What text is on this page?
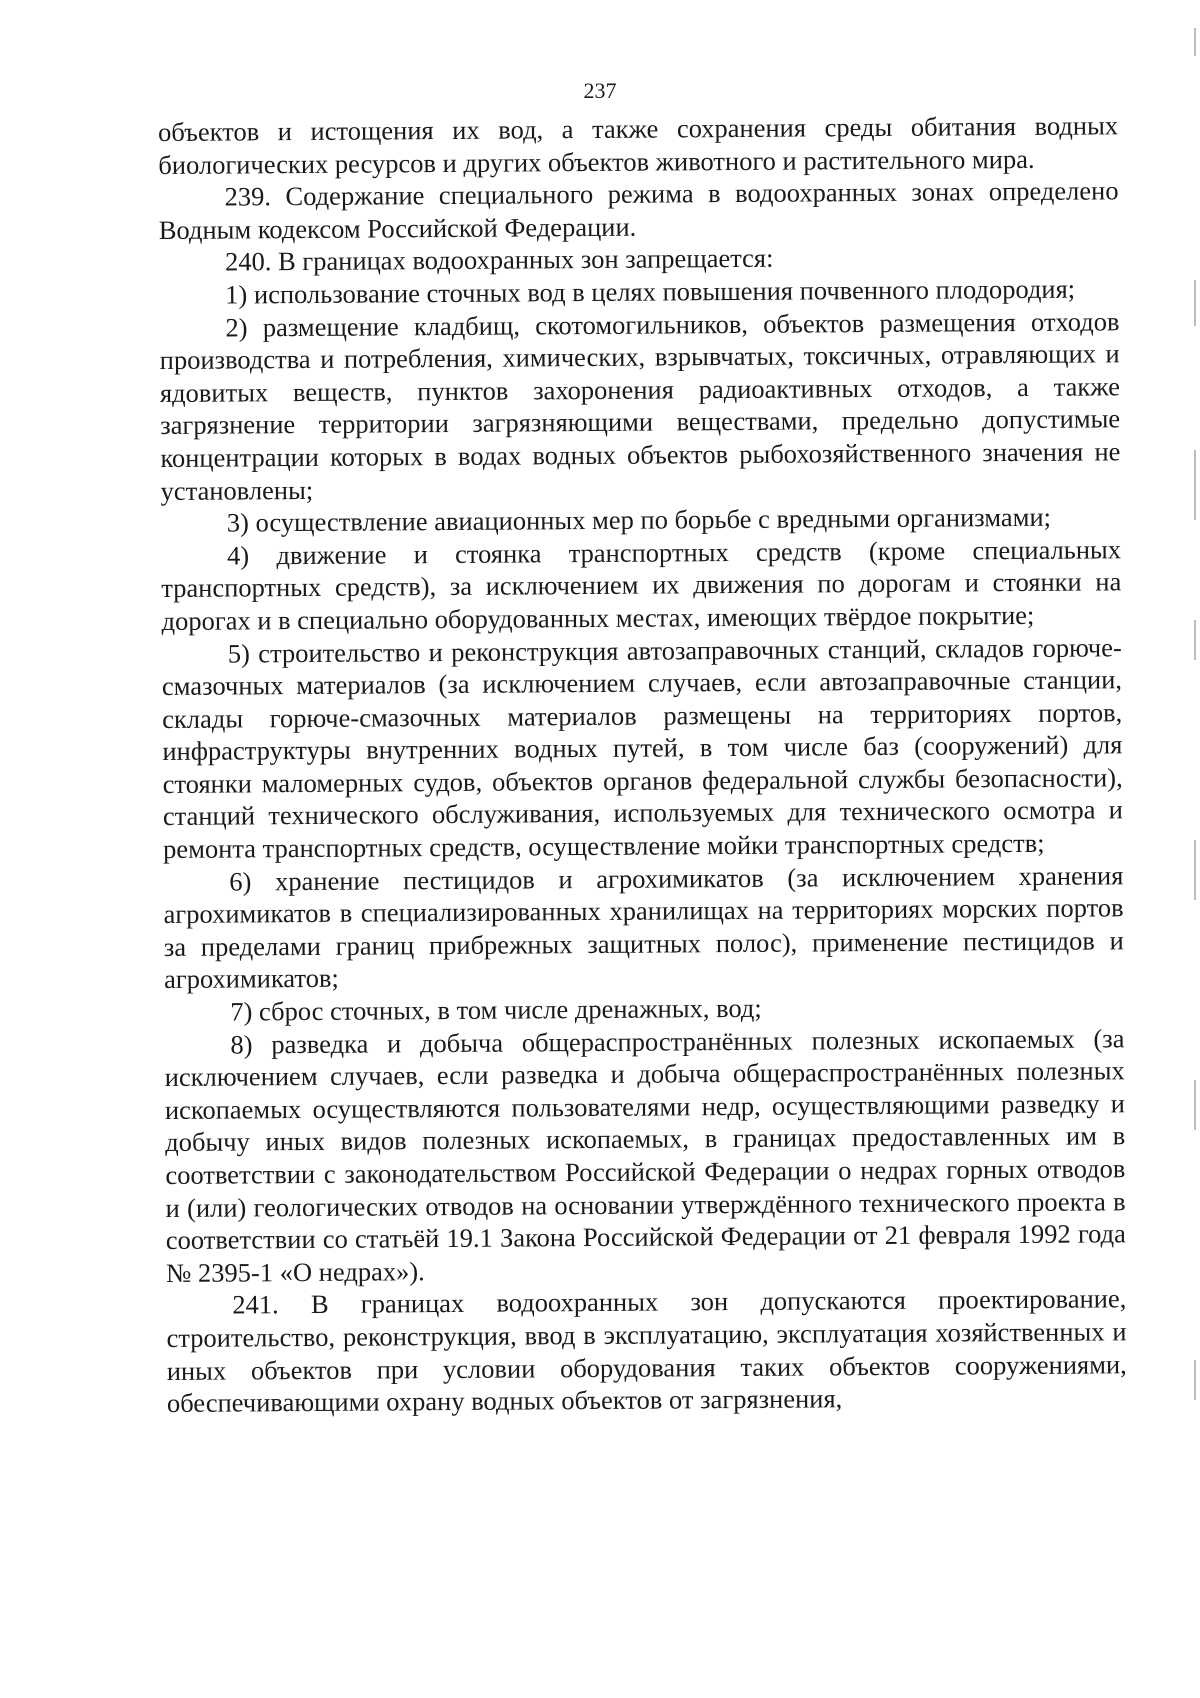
237

объектов и истощения их вод, а также сохранения среды обитания водных биологических ресурсов и других объектов животного и растительного мира.

239. Содержание специального режима в водоохранных зонах определено Водным кодексом Российской Федерации.

240. В границах водоохранных зон запрещается:

1) использование сточных вод в целях повышения почвенного плодородия;

2) размещение кладбищ, скотомогильников, объектов размещения отходов производства и потребления, химических, взрывчатых, токсичных, отравляющих и ядовитых веществ, пунктов захоронения радиоактивных отходов, а также загрязнение территории загрязняющими веществами, предельно допустимые концентрации которых в водах водных объектов рыбохозяйственного значения не установлены;

3) осуществление авиационных мер по борьбе с вредными организмами;

4) движение и стоянка транспортных средств (кроме специальных транспортных средств), за исключением их движения по дорогам и стоянки на дорогах и в специально оборудованных местах, имеющих твёрдое покрытие;

5) строительство и реконструкция автозаправочных станций, складов горюче-смазочных материалов (за исключением случаев, если автозаправочные станции, склады горюче-смазочных материалов размещены на территориях портов, инфраструктуры внутренних водных путей, в том числе баз (сооружений) для стоянки маломерных судов, объектов органов федеральной службы безопасности), станций технического обслуживания, используемых для технического осмотра и ремонта транспортных средств, осуществление мойки транспортных средств;

6) хранение пестицидов и агрохимикатов (за исключением хранения агрохимикатов в специализированных хранилищах на территориях морских портов за пределами границ прибрежных защитных полос), применение пестицидов и агрохимикатов;

7) сброс сточных, в том числе дренажных, вод;

8) разведка и добыча общераспространённых полезных ископаемых (за исключением случаев, если разведка и добыча общераспространённых полезных ископаемых осуществляются пользователями недр, осуществляющими разведку и добычу иных видов полезных ископаемых, в границах предоставленных им в соответствии с законодательством Российской Федерации о недрах горных отводов и (или) геологических отводов на основании утверждённого технического проекта в соответствии со статьёй 19.1 Закона Российской Федерации от 21 февраля 1992 года № 2395-1 «О недрах»).

241. В границах водоохранных зон допускаются проектирование, строительство, реконструкция, ввод в эксплуатацию, эксплуатация хозяйственных и иных объектов при условии оборудования таких объектов сооружениями, обеспечивающими охрану водных объектов от загрязнения,
